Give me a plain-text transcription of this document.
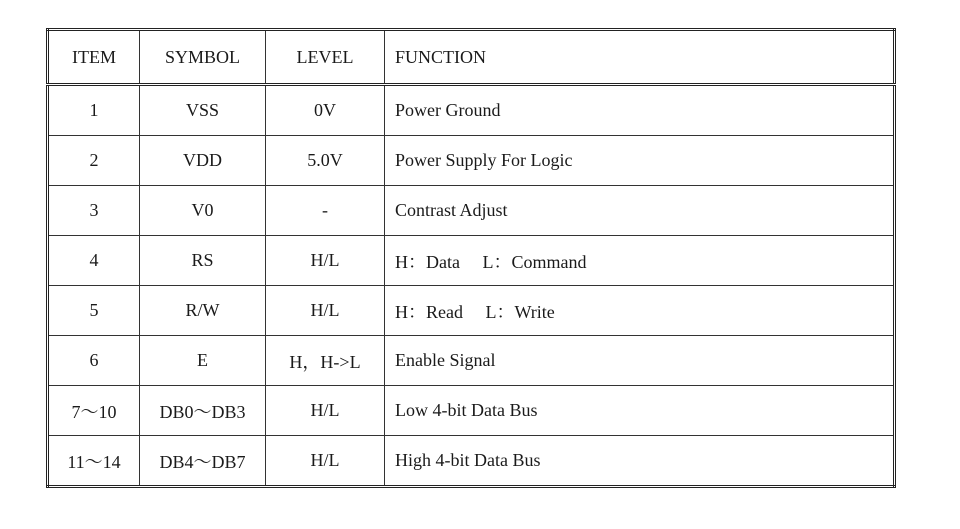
ITEM	SYMBOL	LEVEL	FUNCTION
1	VSS	0V	Power Ground
2	VDD	5.0V	Power Supply For Logic
3	V0	-	Contrast Adjust
4	RS	H/L	H：Data　 L：Command
5	R/W	H/L	H：Read　 L：Write
6	E	H，H->L	Enable Signal
7～10	DB0～DB3	H/L	Low 4-bit Data Bus
11～14	DB4～DB7	H/L	High 4-bit Data Bus
